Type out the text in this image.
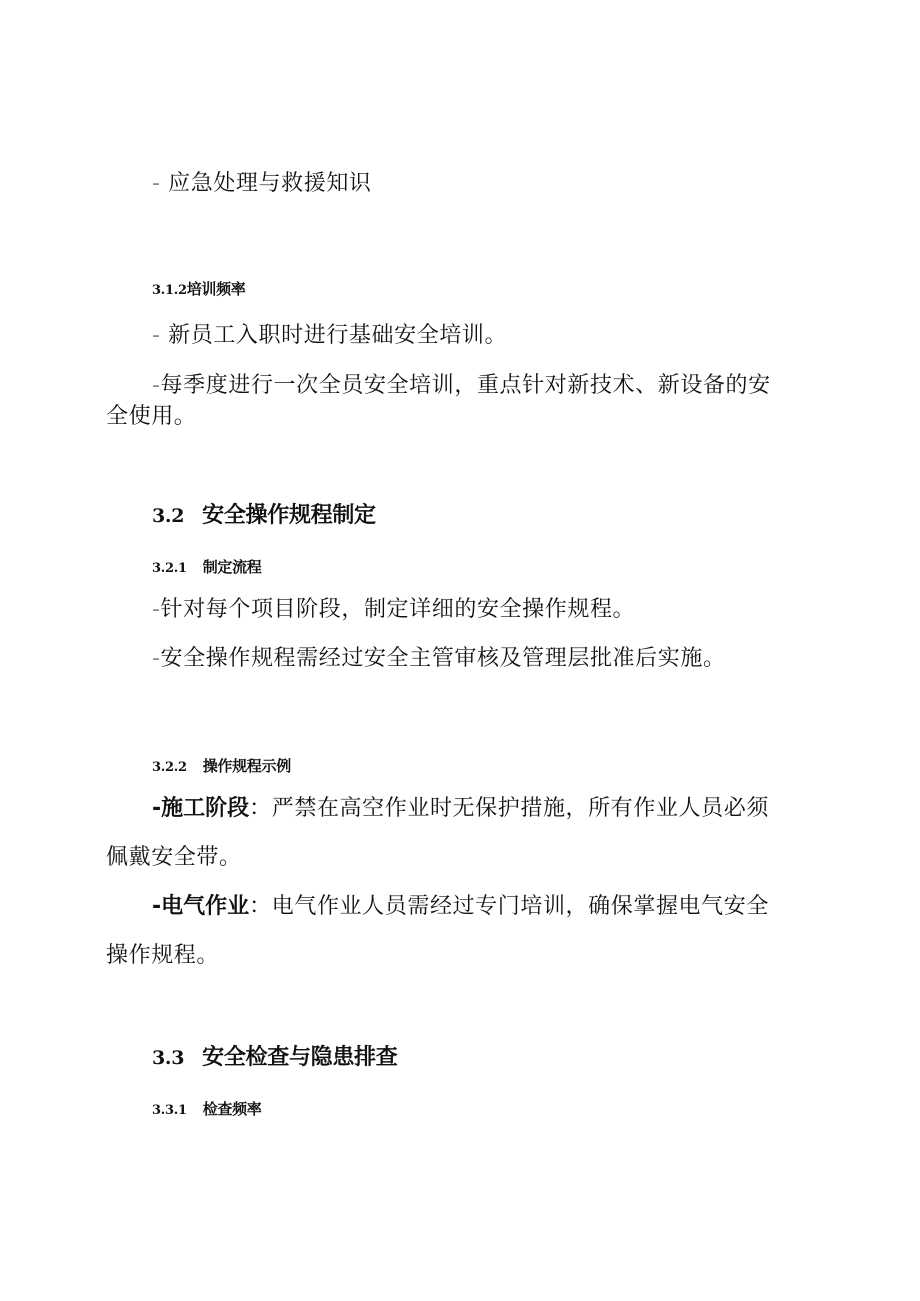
- 应急处理与救援知识
3.1.2培训频率
- 新员工入职时进行基础安全培训。
-每季度进行一次全员安全培训，重点针对新技术、新设备的安
全使用。
3.2 安全操作规程制定
3.2.1 制定流程
-针对每个项目阶段，制定详细的安全操作规程。
-安全操作规程需经过安全主管审核及管理层批准后实施。
3.2.2 操作规程示例
-施工阶段：严禁在高空作业时无保护措施，所有作业人员必须
佩戴安全带。
-电气作业：电气作业人员需经过专门培训，确保掌握电气安全
操作规程。
3.3 安全检查与隐患排查
3.3.1 检查频率
